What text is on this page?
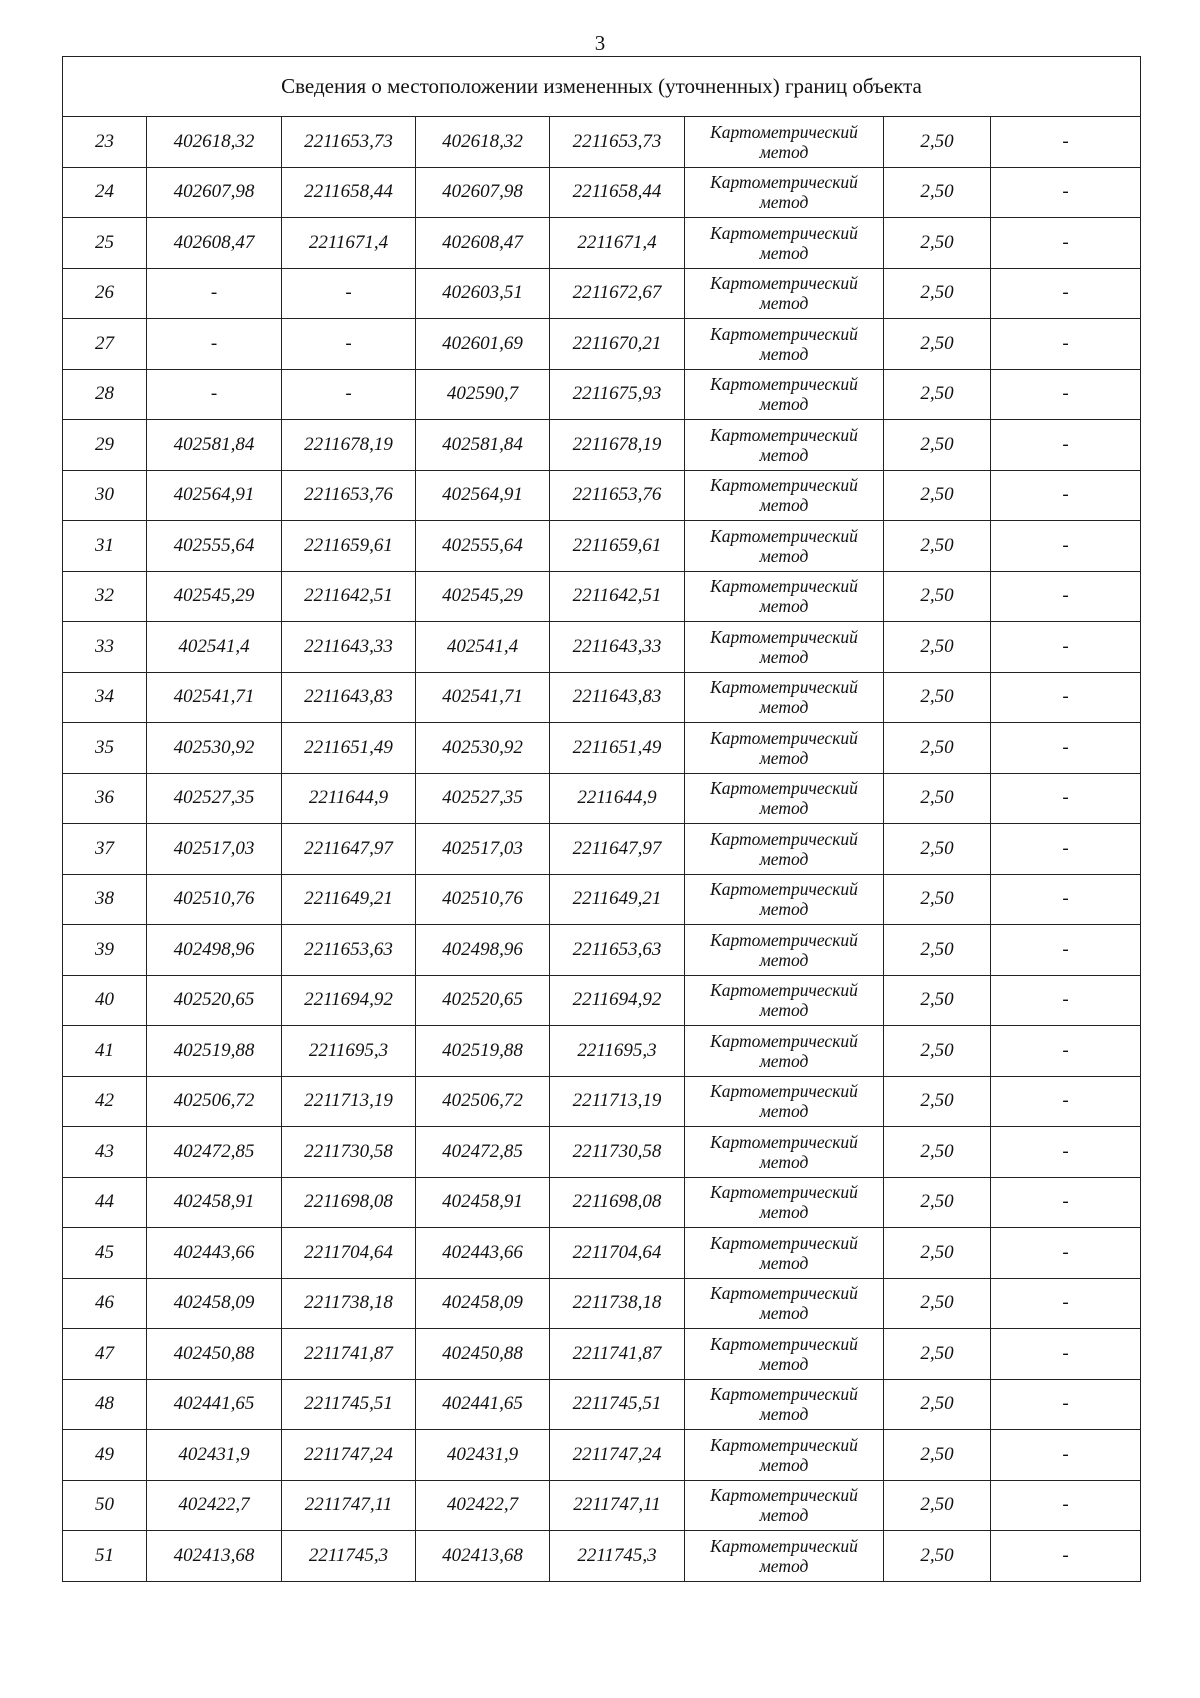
3
Сведения о местоположении измененных (уточненных) границ объекта							
23	402618,32	2211653,73	402618,32	2211653,73	Картометрический
метод	2,50	-
24	402607,98	2211658,44	402607,98	2211658,44	Картометрический
метод	2,50	-
25	402608,47	2211671,4	402608,47	2211671,4	Картометрический
метод	2,50	-
26	-	-	402603,51	2211672,67	Картометрический
метод	2,50	-
27	-	-	402601,69	2211670,21	Картометрический
метод	2,50	-
28	-	-	402590,7	2211675,93	Картометрический
метод	2,50	-
29	402581,84	2211678,19	402581,84	2211678,19	Картометрический
метод	2,50	-
30	402564,91	2211653,76	402564,91	2211653,76	Картометрический
метод	2,50	-
31	402555,64	2211659,61	402555,64	2211659,61	Картометрический
метод	2,50	-
32	402545,29	2211642,51	402545,29	2211642,51	Картометрический
метод	2,50	-
33	402541,4	2211643,33	402541,4	2211643,33	Картометрический
метод	2,50	-
34	402541,71	2211643,83	402541,71	2211643,83	Картометрический
метод	2,50	-
35	402530,92	2211651,49	402530,92	2211651,49	Картометрический
метод	2,50	-
36	402527,35	2211644,9	402527,35	2211644,9	Картометрический
метод	2,50	-
37	402517,03	2211647,97	402517,03	2211647,97	Картометрический
метод	2,50	-
38	402510,76	2211649,21	402510,76	2211649,21	Картометрический
метод	2,50	-
39	402498,96	2211653,63	402498,96	2211653,63	Картометрический
метод	2,50	-
40	402520,65	2211694,92	402520,65	2211694,92	Картометрический
метод	2,50	-
41	402519,88	2211695,3	402519,88	2211695,3	Картометрический
метод	2,50	-
42	402506,72	2211713,19	402506,72	2211713,19	Картометрический
метод	2,50	-
43	402472,85	2211730,58	402472,85	2211730,58	Картометрический
метод	2,50	-
44	402458,91	2211698,08	402458,91	2211698,08	Картометрический
метод	2,50	-
45	402443,66	2211704,64	402443,66	2211704,64	Картометрический
метод	2,50	-
46	402458,09	2211738,18	402458,09	2211738,18	Картометрический
метод	2,50	-
47	402450,88	2211741,87	402450,88	2211741,87	Картометрический
метод	2,50	-
48	402441,65	2211745,51	402441,65	2211745,51	Картометрический
метод	2,50	-
49	402431,9	2211747,24	402431,9	2211747,24	Картометрический
метод	2,50	-
50	402422,7	2211747,11	402422,7	2211747,11	Картометрический
метод	2,50	-
51	402413,68	2211745,3	402413,68	2211745,3	Картометрический
метод	2,50	-
